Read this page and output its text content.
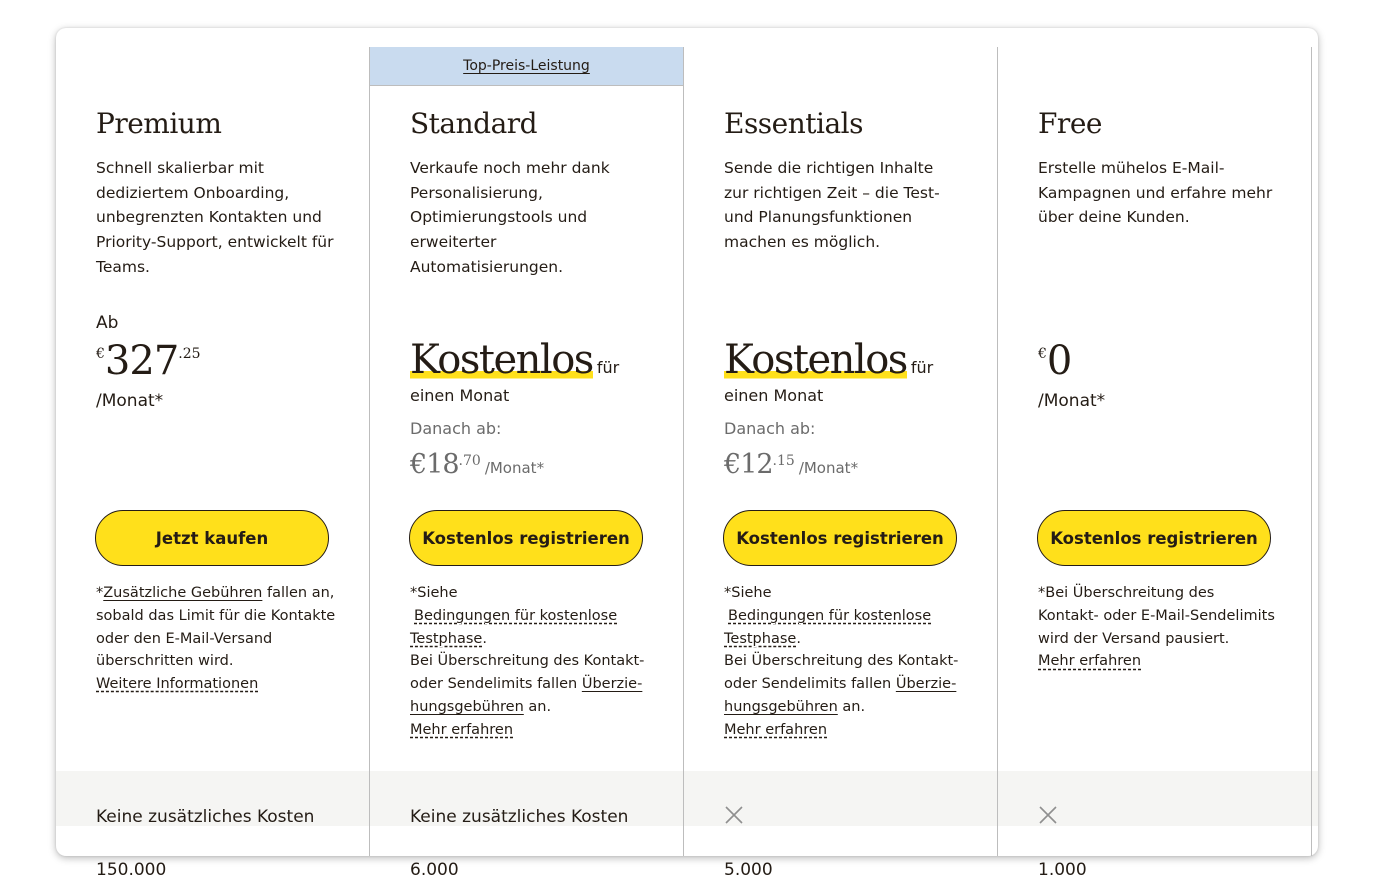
Premium
Schnell skalierbar mit dediziertem Onboarding, unbegrenzten Kontakten und Priority-Support, entwickelt für Teams.
Ab
€327.25
/Monat*
Jetzt kaufen
*Zusätzliche Gebühren fallen an, sobald das Limit für die Kontakte oder den E-Mail-Versand überschritten wird.
Weitere Informationen
Keine zusätzliches Kosten
150.000
Top-Preis-Leistung
Standard
Verkaufe noch mehr dank Personalisierung, Optimierungstools und erweiterter Automatisierungen.
Kostenlos für
einen Monat
Danach ab:
€18.70 /Monat*
Kostenlos registrieren
*Siehe
Bedingungen für kostenlose Testphase.
Bei Überschreitung des Kontakt- oder Sendelimits fallen Überzie-hungsgebühren an.
Mehr erfahren
Keine zusätzliches Kosten
6.000
Essentials
Sende die richtigen Inhalte zur richtigen Zeit – die Test- und Planungsfunktionen machen es möglich.
Kostenlos für
einen Monat
Danach ab:
€12.15 /Monat*
Kostenlos registrieren
*Siehe
Bedingungen für kostenlose Testphase.
Bei Überschreitung des Kontakt- oder Sendelimits fallen Überzie-hungsgebühren an.
Mehr erfahren
5.000
Free
Erstelle mühelos E-Mail-Kampagnen und erfahre mehr über deine Kunden.
€0
/Monat*
Kostenlos registrieren
*Bei Überschreitung des Kontakt- oder E-Mail-Sendelimits wird der Versand pausiert.
Mehr erfahren
1.000
